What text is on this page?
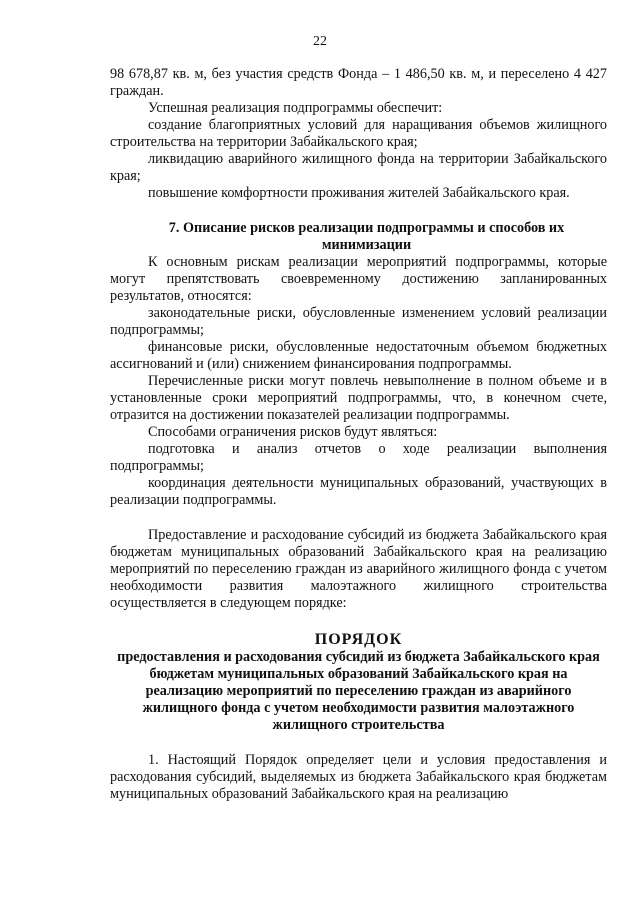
22

98 678,87 кв. м, без участия средств Фонда – 1 486,50 кв. м, и переселено 4 427 граждан.

Успешная реализация подпрограммы обеспечит:

создание благоприятных условий для наращивания объемов жилищного строительства на территории Забайкальского края;

ликвидацию аварийного жилищного фонда на территории Забайкальского края;

повышение комфортности проживания жителей Забайкальского края.

7. Описание рисков реализации подпрограммы и способов их минимизации

К основным рискам реализации мероприятий подпрограммы, которые могут препятствовать своевременному достижению запланированных результатов, относятся:

законодательные риски, обусловленные изменением условий реализации подпрограммы;

финансовые риски, обусловленные недостаточным объемом бюджетных ассигнований и (или) снижением финансирования подпрограммы.

Перечисленные риски могут повлечь невыполнение в полном объеме и в установленные сроки мероприятий подпрограммы, что, в конечном счете, отразится на достижении показателей реализации подпрограммы.

Способами ограничения рисков будут являться:

подготовка и анализ отчетов о ходе реализации выполнения подпрограммы;

координация деятельности муниципальных образований, участвующих в реализации подпрограммы.

Предоставление и расходование субсидий из бюджета Забайкальского края бюджетам муниципальных образований Забайкальского края на реализацию мероприятий по переселению граждан из аварийного жилищного фонда с учетом необходимости развития малоэтажного жилищного строительства осуществляется в следующем порядке:

ПОРЯДОК

предоставления и расходования субсидий из бюджета Забайкальского края бюджетам муниципальных образований Забайкальского края на реализацию мероприятий по переселению граждан из аварийного жилищного фонда с учетом необходимости развития малоэтажного жилищного строительства

1. Настоящий Порядок определяет цели и условия предоставления и расходования субсидий, выделяемых из бюджета Забайкальского края бюджетам муниципальных образований Забайкальского края на реализацию
